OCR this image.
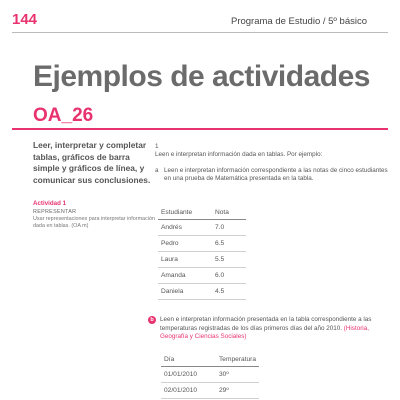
144	Programa de Estudio / 5º básico
Ejemplos de actividades
OA_26
Leer, interpretar y completar tablas, gráficos de barra simple y gráficos de línea, y comunicar sus conclusiones.
Actividad 1
REPRESENTAR
Usar representaciones para interpretar información dada en tablas. (OA m)
1
Leen e interpretan información dada en tablas. Por ejemplo:
a Leen e interpretan información correspondiente a las notas de cinco estudiantes en una prueba de Matemática presentada en la tabla.
Estudiante	Nota
Andrés	7.0
Pedro	6.5
Laura	5.5
Amanda	6.0
Daniela	4.5
b	Leen e interpretan información presentada en la tabla correspondiente a las temperaturas registradas de los días primeros días del año 2010. (Historia, Geografía y Ciencias Sociales)
Día	Temperatura
01/01/2010	30º
02/01/2010	29º
